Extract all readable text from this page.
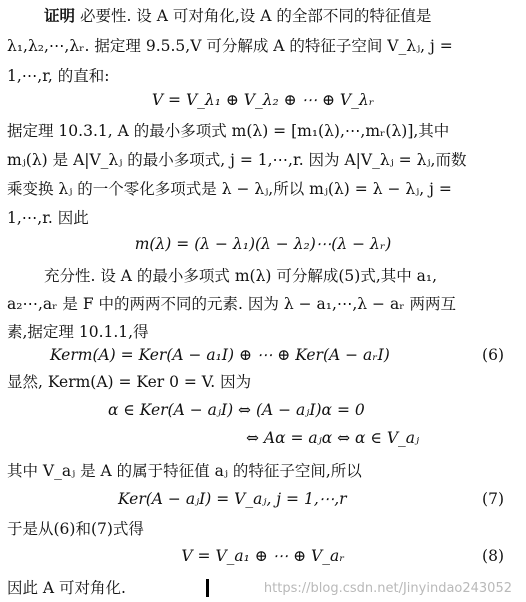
证明 必要性. 设 A 可对角化,设 A 的全部不同的特征值是
λ₁,λ₂,⋯,λᵣ. 据定理 9.5.5,V 可分解成 A 的特征子空间 V_λⱼ, j =
1,⋯,r, 的直和:
V = V_λ₁ ⊕ V_λ₂ ⊕ ⋯ ⊕ V_λᵣ
据定理 10.3.1, A 的最小多项式 m(λ) = [m₁(λ),⋯,mᵣ(λ)],其中
mⱼ(λ) 是 A|V_λⱼ 的最小多项式, j = 1,⋯,r. 因为 A|V_λⱼ = λⱼ,而数
乘变换 λⱼ 的一个零化多项式是 λ − λⱼ,所以 mⱼ(λ) = λ − λⱼ, j =
1,⋯,r. 因此
m(λ) = (λ − λ₁)(λ − λ₂)⋯(λ − λᵣ)
充分性. 设 A 的最小多项式 m(λ) 可分解成(5)式,其中 a₁,
a₂⋯,aᵣ 是 F 中的两两不同的元素. 因为 λ − a₁,⋯,λ − aᵣ 两两互
素,据定理 10.1.1,得
Kerm(A) = Ker(A − a₁I) ⊕ ⋯ ⊕ Ker(A − aᵣI)	(6)
显然, Kerm(A) = Ker 0 = V. 因为
α ∈ Ker(A − aⱼI) ⇔ (A − aⱼI)α = 0
⇔ Aα = aⱼα ⇔ α ∈ V_aⱼ
其中 V_aⱼ 是 A 的属于特征值 aⱼ 的特征子空间,所以
Ker(A − aⱼI) = V_aⱼ, j = 1,⋯,r	(7)
于是从(6)和(7)式得
V = V_a₁ ⊕ ⋯ ⊕ V_aᵣ	(8)
因此 A 可对角化.	https://blog.csdn.net/Jinyindao243052
